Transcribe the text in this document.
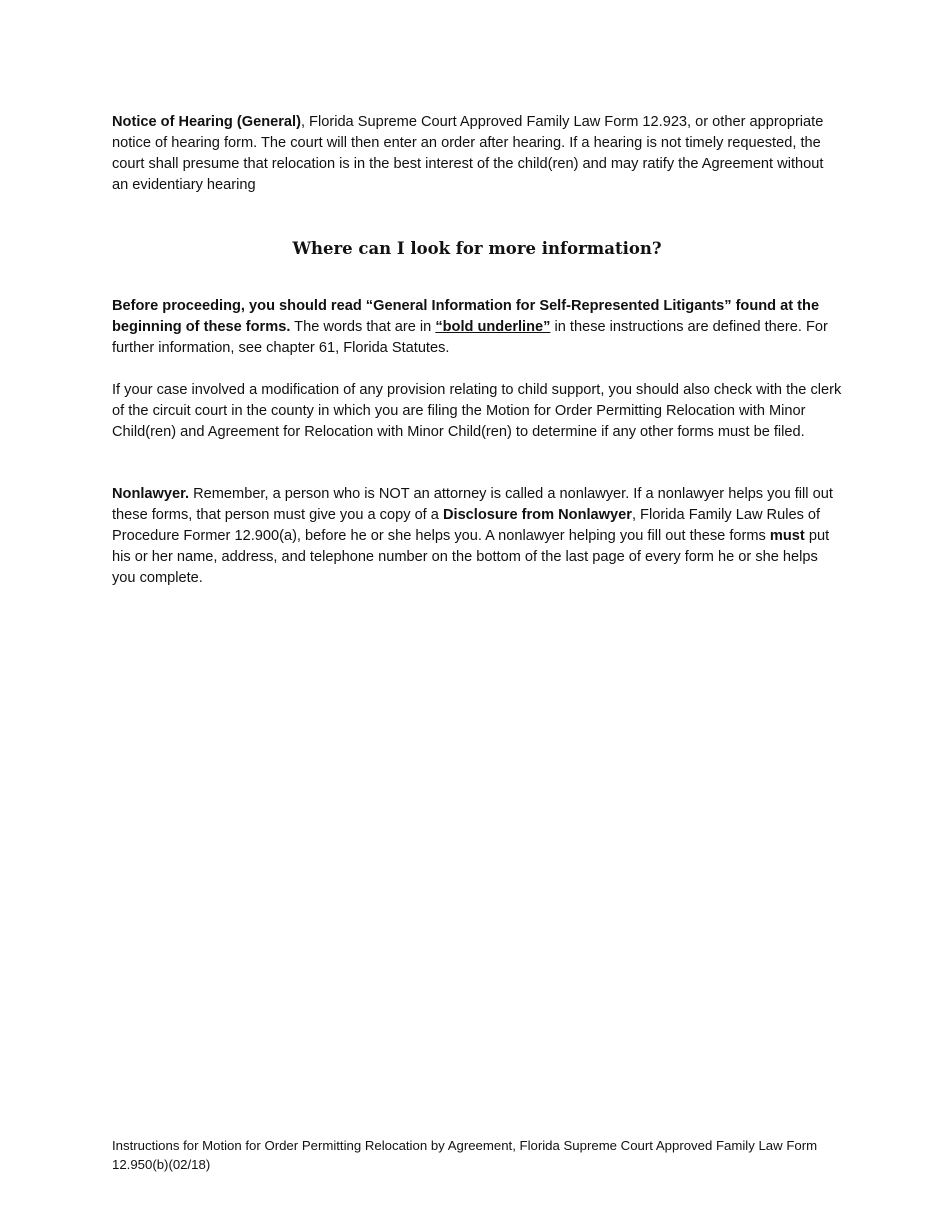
Notice of Hearing (General), Florida Supreme Court Approved Family Law Form 12.923, or other appropriate notice of hearing form. The court will then enter an order after hearing. If a hearing is not timely requested, the court shall presume that relocation is in the best interest of the child(ren) and may ratify the Agreement without an evidentiary hearing

Where can I look for more information?

Before proceeding, you should read “General Information for Self-Represented Litigants” found at the beginning of these forms. The words that are in “bold underline” in these instructions are defined there. For further information, see chapter 61, Florida Statutes.

If your case involved a modification of any provision relating to child support, you should also check with the clerk of the circuit court in the county in which you are filing the Motion for Order Permitting Relocation with Minor Child(ren) and Agreement for Relocation with Minor Child(ren) to determine if any other forms must be filed.

Nonlawyer. Remember, a person who is NOT an attorney is called a nonlawyer. If a nonlawyer helps you fill out these forms, that person must give you a copy of a Disclosure from Nonlawyer, Florida Family Law Rules of Procedure Former 12.900(a), before he or she helps you. A nonlawyer helping you fill out these forms must put his or her name, address, and telephone number on the bottom of the last page of every form he or she helps you complete.

Instructions for Motion for Order Permitting Relocation by Agreement, Florida Supreme Court Approved Family Law Form 12.950(b)(02/18)
